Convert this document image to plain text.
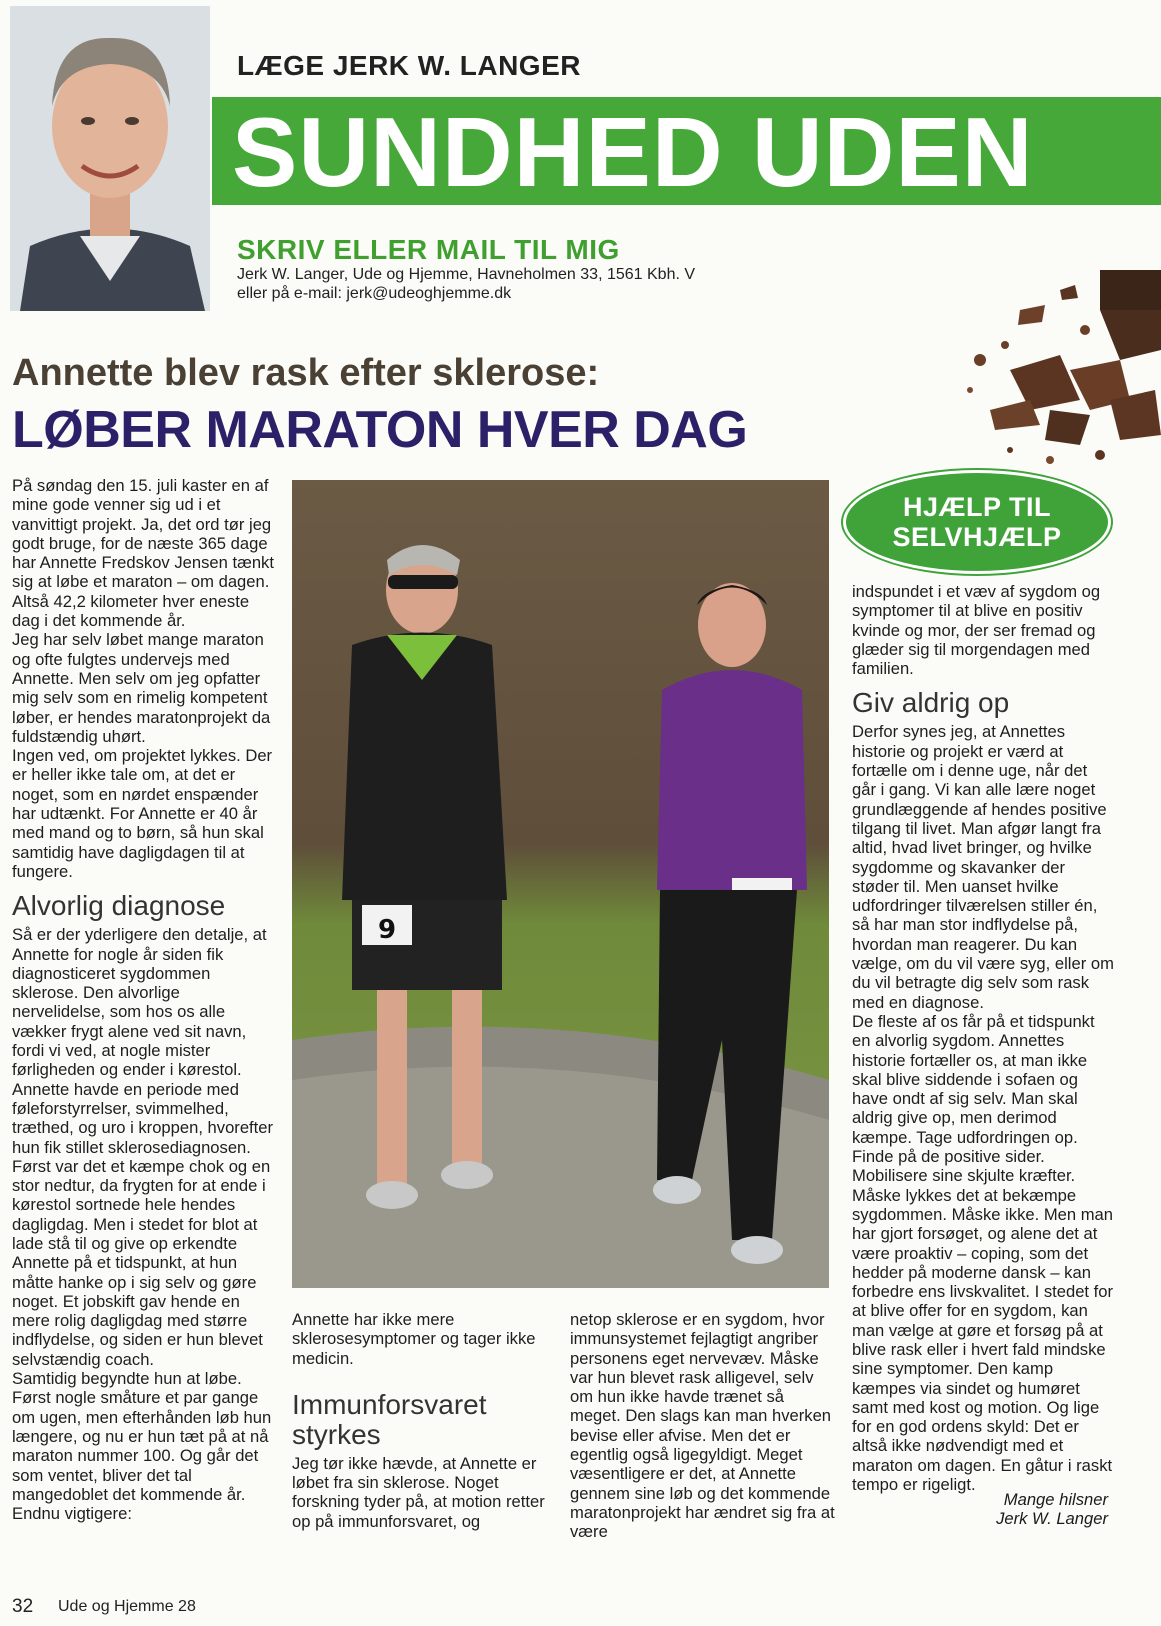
LÆGE JERK W. LANGER
SUNDHED UDEN
SKRIV ELLER MAIL TIL MIG
Jerk W. Langer, Ude og Hjemme, Havneholmen 33, 1561 Kbh. V
eller på e-mail: jerk@udeoghjemme.dk
Annette blev rask efter sklerose:
LØBER MARATON HVER DAG
HJÆLP TIL
SELVHJÆLP

På søndag den 15. juli kaster en af mine gode venner sig ud i et vanvittigt projekt. Ja, det ord tør jeg godt bruge, for de næste 365 dage har Annette Fredskov Jensen tænkt sig at løbe et maraton – om dagen. Altså 42,2 kilometer hver eneste dag i det kommende år.

Jeg har selv løbet mange maraton og ofte fulgtes undervejs med Annette. Men selv om jeg opfatter mig selv som en rimelig kompetent løber, er hendes maratonprojekt da fuldstændig uhørt.

Ingen ved, om projektet lykkes. Der er heller ikke tale om, at det er noget, som en nørdet enspænder har udtænkt. For Annette er 40 år med mand og to børn, så hun skal samtidig have dagligdagen til at fungere.

Alvorlig diagnose

Så er der yderligere den detalje, at Annette for nogle år siden fik diagnosticeret sygdommen sklerose. Den alvorlige nervelidelse, som hos os alle vækker frygt alene ved sit navn, fordi vi ved, at nogle mister førligheden og ender i kørestol.

Annette havde en periode med føleforstyrrelser, svimmelhed, træthed, og uro i kroppen, hvorefter hun fik stillet sklerosediagnosen. Først var det et kæmpe chok og en stor nedtur, da frygten for at ende i kørestol sortnede hele hendes dagligdag. Men i stedet for blot at lade stå til og give op erkendte Annette på et tidspunkt, at hun måtte hanke op i sig selv og gøre noget. Et jobskift gav hende en mere rolig dagligdag med større indflydelse, og siden er hun blevet selvstændig coach.

Samtidig begyndte hun at løbe. Først nogle småture et par gange om ugen, men efterhånden løb hun længere, og nu er hun tæt på at nå maraton nummer 100. Og går det som ventet, bliver det tal mangedoblet det kommende år. Endnu vigtigere:

9

Annette har ikke mere sklerosesymptomer og tager ikke medicin.

Immunforsvaret styrkes

Jeg tør ikke hævde, at Annette er løbet fra sin sklerose. Noget forskning tyder på, at motion retter op på immunforsvaret, og

netop sklerose er en sygdom, hvor immunsystemet fejlagtigt angriber personens eget nervevæv. Måske var hun blevet rask alligevel, selv om hun ikke havde trænet så meget. Den slags kan man hverken bevise eller afvise. Men det er egentlig også ligegyldigt. Meget væsentligere er det, at Annette gennem sine løb og det kommende maratonprojekt har ændret sig fra at være

indspundet i et væv af sygdom og symptomer til at blive en positiv kvinde og mor, der ser fremad og glæder sig til morgendagen med familien.

Giv aldrig op

Derfor synes jeg, at Annettes historie og projekt er værd at fortælle om i denne uge, når det går i gang. Vi kan alle lære noget grundlæggende af hendes positive tilgang til livet. Man afgør langt fra altid, hvad livet bringer, og hvilke sygdomme og skavanker der støder til. Men uanset hvilke udfordringer tilværelsen stiller én, så har man stor indflydelse på, hvordan man reagerer. Du kan vælge, om du vil være syg, eller om du vil betragte dig selv som rask med en diagnose.

De fleste af os får på et tidspunkt en alvorlig sygdom. Annettes historie fortæller os, at man ikke skal blive siddende i sofaen og have ondt af sig selv. Man skal aldrig give op, men derimod kæmpe. Tage udfordringen op. Finde på de positive sider. Mobilisere sine skjulte kræfter.

Måske lykkes det at bekæmpe sygdommen. Måske ikke. Men man har gjort forsøget, og alene det at være proaktiv – coping, som det hedder på moderne dansk – kan forbedre ens livskvalitet. I stedet for at blive offer for en sygdom, kan man vælge at gøre et forsøg på at blive rask eller i hvert fald mindske sine symptomer. Den kamp kæmpes via sindet og humøret samt med kost og motion. Og lige for en god ordens skyld: Det er altså ikke nødvendigt med et maraton om dagen. En gåtur i raskt tempo er rigeligt.

Mange hilsner
Jerk W. Langer
32 Ude og Hjemme 28
